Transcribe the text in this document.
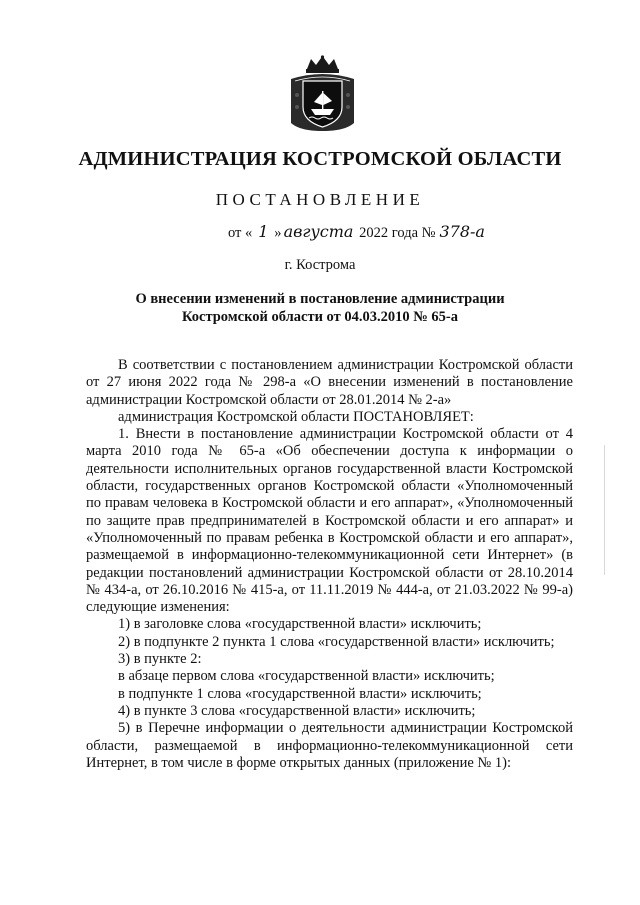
АДМИНИСТРАЦИЯ КОСТРОМСКОЙ ОБЛАСТИ
ПОСТАНОВЛЕНИЕ
от « 1 » августа 2022 года № 378-а
г. Кострома
О внесении изменений в постановление администрации
Костромской области от 04.03.2010 № 65-а

В соответствии с постановлением администрации Костромской области от 27 июня 2022 года № 298-а «О внесении изменений в постановление администрации Костромской области от 28.01.2014 № 2-а»

администрация Костромской области ПОСТАНОВЛЯЕТ:

1. Внести в постановление администрации Костромской области от 4 марта 2010 года № 65-а «Об обеспечении доступа к информации о деятельности исполнительных органов государственной власти Костромской области, государственных органов Костромской области «Уполномоченный по правам человека в Костромской области и его аппарат», «Уполномоченный по защите прав предпринимателей в Костромской области и его аппарат» и «Уполномоченный по правам ребенка в Костромской области и его аппарат», размещаемой в информационно-телекоммуникационной сети Интернет» (в редакции постановлений администрации Костромской области от 28.10.2014 № 434-а, от 26.10.2016 № 415-а, от 11.11.2019 № 444-а, от 21.03.2022 № 99-а) следующие изменения:

1) в заголовке слова «государственной власти» исключить;

2) в подпункте 2 пункта 1 слова «государственной власти» исключить;

3) в пункте 2:

в абзаце первом слова «государственной власти» исключить;

в подпункте 1 слова «государственной власти» исключить;

4) в пункте 3 слова «государственной власти» исключить;

5) в Перечне информации о деятельности администрации Костромской области, размещаемой в информационно-телекоммуникационной сети Интернет, в том числе в форме открытых данных (приложение № 1):
